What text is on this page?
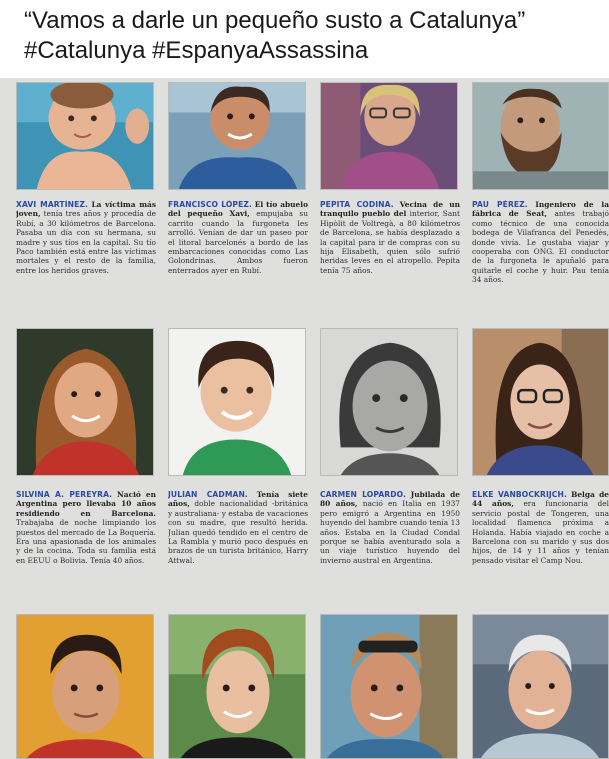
“Vamos a darle un pequeño susto a Catalunya”
#Catalunya #EspanyaAssassina
XAVI MARTÍNEZ. La víctima más joven, tenía tres años y procedía de Rubí, a 30 kilómetros de Barcelona. Pasaba un día con su hermana, su madre y sus tíos en la capital. Su tío Paco también está entre las víctimas mortales y el resto de la familia, entre los heridos graves.
FRANCISCO LÓPEZ. El tío abuelo del pequeño Xavi, empujaba su carrito cuando la furgoneta les arrolló. Venían de dar un paseo por el litoral barcelonés a bordo de las embarcaciones conocidas como Las Golondrinas. Ambos fueron enterrados ayer en Rubí.
PEPITA CODINA. Vecina de un tranquilo pueblo del interior, Sant Hipòlit de Voltregà, a 80 kilómetros de Barcelona, se había desplazado a la capital para ir de compras con su hija Elisabeth, quien sólo sufrió heridas leves en el atropello. Pepita tenía 75 años.
PAU PÉREZ. Ingeniero de la fábrica de Seat, antes trabajó como técnico de una conocida bodega de Vilafranca del Penedès, donde vivía. Le gustaba viajar y cooperaba con ONG. El conductor de la furgoneta le apuñaló para quitarle el coche y huir. Pau tenía 34 años.
SILVINA A. PEREYRA. Nació en Argentina pero llevaba 10 años residiendo en Barcelona. Trabajaba de noche limpiando los puestos del mercado de La Boquería. Era una apasionada de los animales y de la cocina. Toda su familia está en EEUU o Bolivia. Tenía 40 años.
JULIAN CADMAN. Tenía siete años, doble nacionalidad -británica y australiana- y estaba de vacaciones con su madre, que resultó herida. Julian quedó tendido en el centro de La Rambla y murió poco después en brazos de un turista británico, Harry Attwal.
CARMEN LOPARDO. Jubilada de 80 años, nació en Italia en 1937 pero emigró a Argentina en 1950 huyendo del hambre cuando tenía 13 años. Estaba en la Ciudad Condal porque se había aventurado sola a un viaje turístico huyendo del invierno austral en Argentina.
ELKE VANBOCKRIJCH. Belga de 44 años, era funcionaria del servicio postal de Tongeren, una localidad flamenca próxima a Holanda. Había viajado en coche a Barcelona con su marido y sus dos hijos, de 14 y 11 años y tenían pensado visitar el Camp Nou.
